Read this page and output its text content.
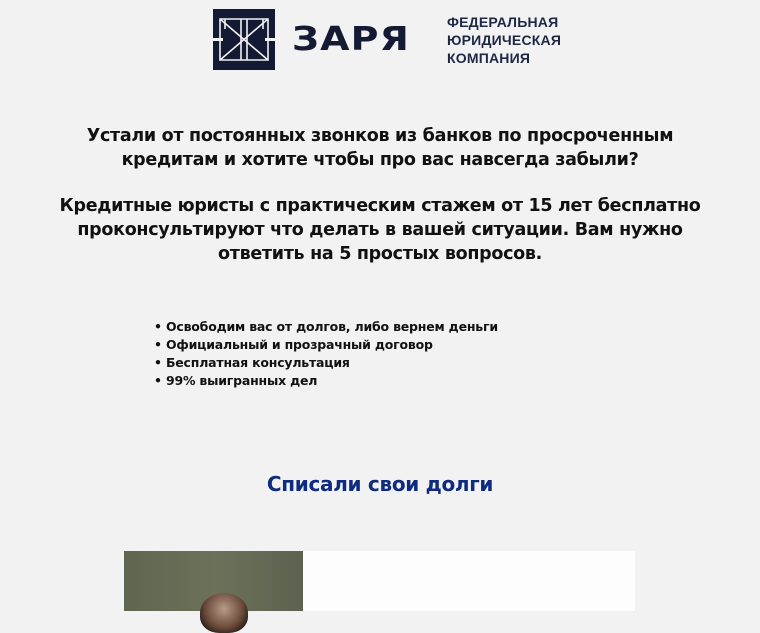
ЗАРЯ	ФЕДЕРАЛЬНАЯ
ЮРИДИЧЕСКАЯ
КОМПАНИЯ
Устали от постоянных звонков из банков по просроченным
кредитам и хотите чтобы про вас навсегда забыли?
Кредитные юристы с практическим стажем от 15 лет бесплатно
проконсультируют что делать в вашей ситуации. Вам нужно
ответить на 5 простых вопросов.
• Освободим вас от долгов, либо вернем деньги
• Официальный и прозрачный договор
• Бесплатная консультация
• 99% выигранных дел
Списали свои долги
